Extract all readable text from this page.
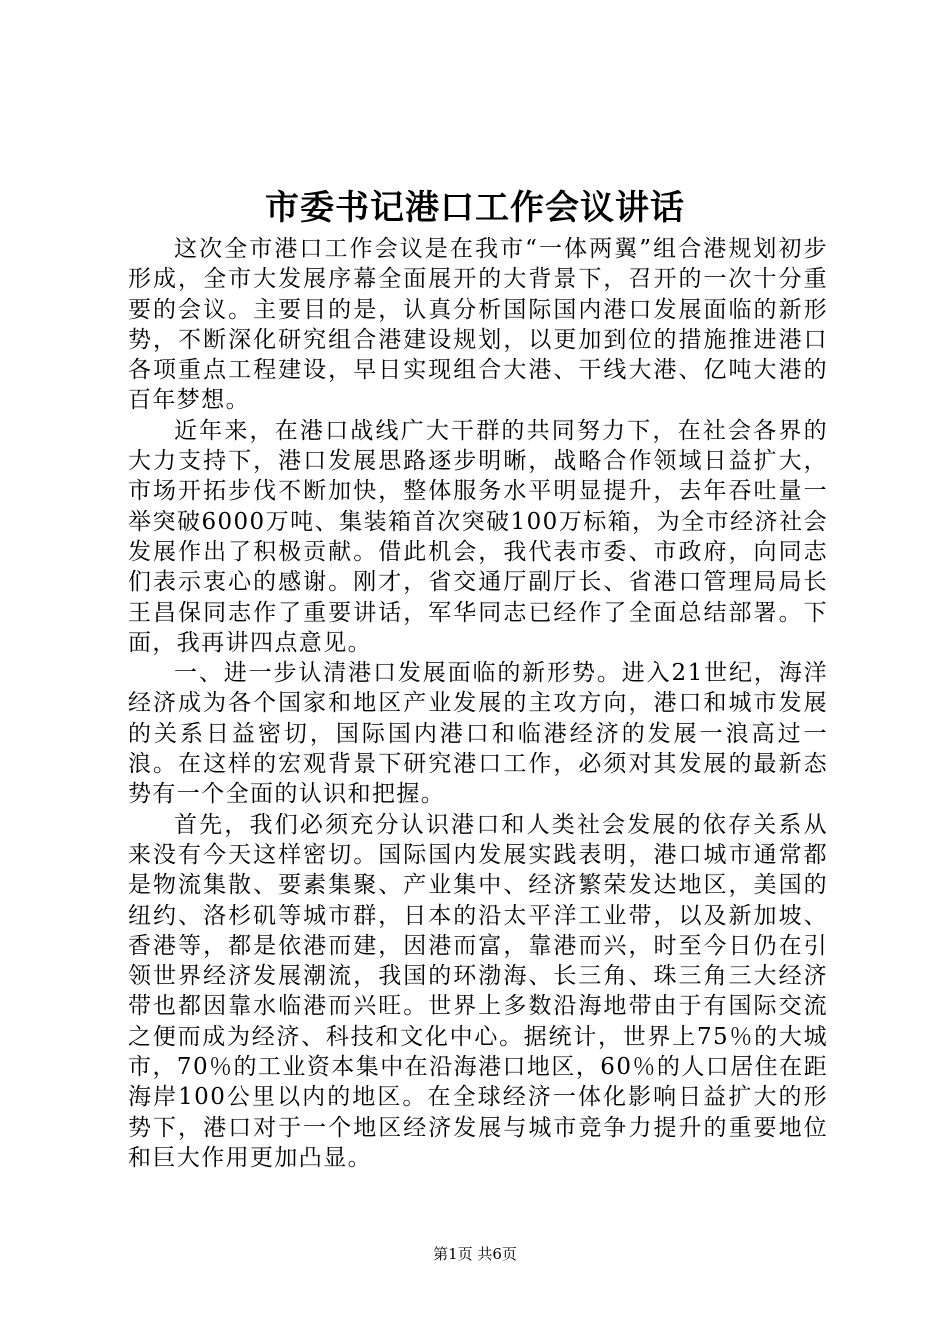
市委书记港口工作会议讲话

这次全市港口工作会议是在我市“一体两翼”组合港规划初步形成，全市大发展序幕全面展开的大背景下，召开的一次十分重要的会议。主要目的是，认真分析国际国内港口发展面临的新形势，不断深化研究组合港建设规划，以更加到位的措施推进港口各项重点工程建设，早日实现组合大港、干线大港、亿吨大港的百年梦想。

近年来，在港口战线广大干群的共同努力下，在社会各界的大力支持下，港口发展思路逐步明晰，战略合作领域日益扩大，市场开拓步伐不断加快，整体服务水平明显提升，去年吞吐量一举突破6000万吨、集装箱首次突破100万标箱，为全市经济社会发展作出了积极贡献。借此机会，我代表市委、市政府，向同志们表示衷心的感谢。刚才，省交通厅副厅长、省港口管理局局长王昌保同志作了重要讲话，军华同志已经作了全面总结部署。下面，我再讲四点意见。

一、进一步认清港口发展面临的新形势。进入21世纪，海洋经济成为各个国家和地区产业发展的主攻方向，港口和城市发展的关系日益密切，国际国内港口和临港经济的发展一浪高过一浪。在这样的宏观背景下研究港口工作，必须对其发展的最新态势有一个全面的认识和把握。

首先，我们必须充分认识港口和人类社会发展的依存关系从来没有今天这样密切。国际国内发展实践表明，港口城市通常都是物流集散、要素集聚、产业集中、经济繁荣发达地区，美国的纽约、洛杉矶等城市群，日本的沿太平洋工业带，以及新加坡、香港等，都是依港而建，因港而富，靠港而兴，时至今日仍在引领世界经济发展潮流，我国的环渤海、长三角、珠三角三大经济带也都因靠水临港而兴旺。世界上多数沿海地带由于有国际交流之便而成为经济、科技和文化中心。据统计，世界上75％的大城市，70％的工业资本集中在沿海港口地区，60％的人口居住在距海岸100公里以内的地区。在全球经济一体化影响日益扩大的形势下，港口对于一个地区经济发展与城市竞争力提升的重要地位和巨大作用更加凸显。

第1页 共6页
